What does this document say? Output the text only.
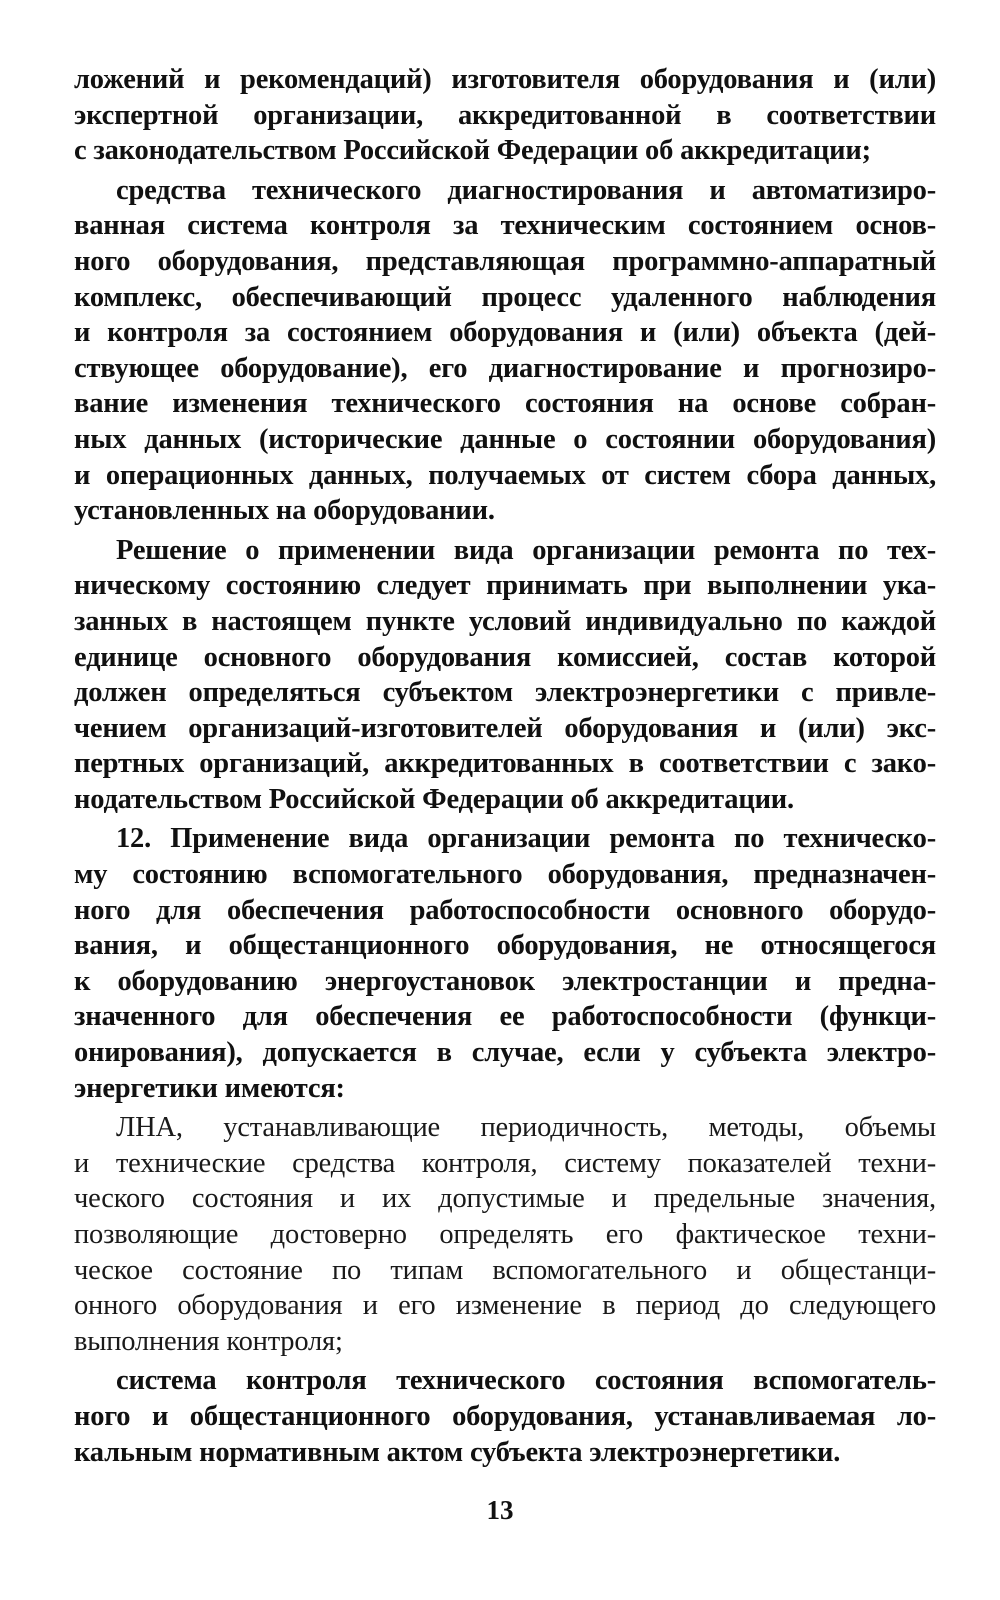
ложений и рекомендаций) изготовителя оборудования и (или)
экспертной организации, аккредитованной в соответствии
с законодательством Российской Федерации об аккредитации;
средства технического диагностирования и автоматизиро-
ванная система контроля за техническим состоянием основ-
ного оборудования, представляющая программно-аппаратный
комплекс, обеспечивающий процесс удаленного наблюдения
и контроля за состоянием оборудования и (или) объекта (дей-
ствующее оборудование), его диагностирование и прогнозиро-
вание изменения технического состояния на основе собран-
ных данных (исторические данные о состоянии оборудования)
и операционных данных, получаемых от систем сбора данных,
установленных на оборудовании.
Решение о применении вида организации ремонта по тех-
ническому состоянию следует принимать при выполнении ука-
занных в настоящем пункте условий индивидуально по каждой
единице основного оборудования комиссией, состав которой
должен определяться субъектом электроэнергетики с привле-
чением организаций-изготовителей оборудования и (или) экс-
пертных организаций, аккредитованных в соответствии с зако-
нодательством Российской Федерации об аккредитации.
12. Применение вида организации ремонта по техническо-
му состоянию вспомогательного оборудования, предназначен-
ного для обеспечения работоспособности основного оборудо-
вания, и общестанционного оборудования, не относящегося
к оборудованию энергоустановок электростанции и предна-
значенного для обеспечения ее работоспособности (функци-
онирования), допускается в случае, если у субъекта электро-
энергетики имеются:
ЛНА, устанавливающие периодичность, методы, объемы
и технические средства контроля, систему показателей техни-
ческого состояния и их допустимые и предельные значения,
позволяющие достоверно определять его фактическое техни-
ческое состояние по типам вспомогательного и общестанци-
онного оборудования и его изменение в период до следующего
выполнения контроля;
система контроля технического состояния вспомогатель-
ного и общестанционного оборудования, устанавливаемая ло-
кальным нормативным актом субъекта электроэнергетики.
13
